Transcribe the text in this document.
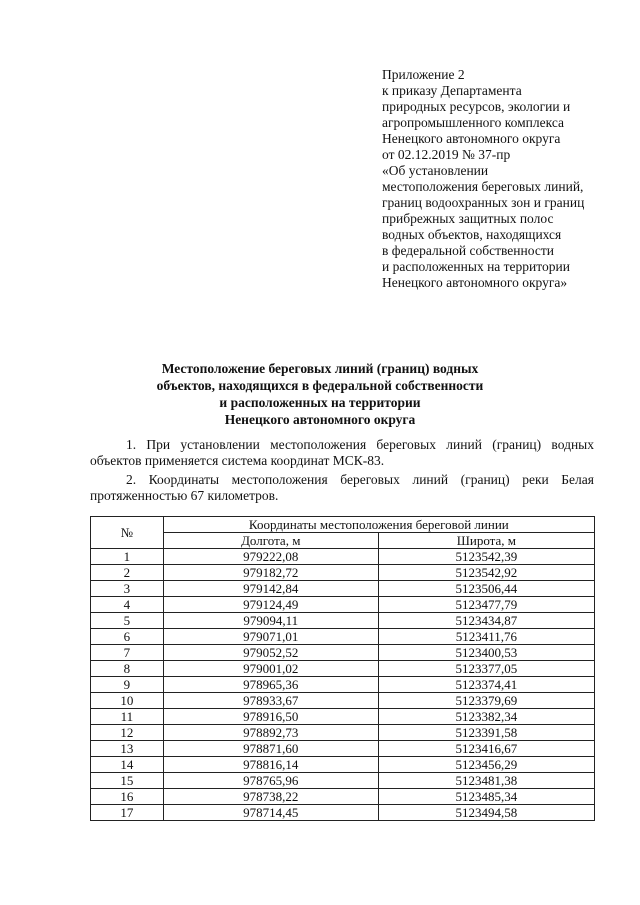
Приложение 2
к приказу Департамента
природных ресурсов, экологии и
агропромышленного комплекса
Ненецкого автономного округа
от 02.12.2019 № 37-пр
«Об установлении
местоположения береговых линий,
границ водоохранных зон и границ
прибрежных защитных полос
водных объектов, находящихся
в федеральной собственности
и расположенных на территории
Ненецкого автономного округа»
Местоположение береговых линий (границ) водных
объектов, находящихся в федеральной собственности
и расположенных на территории
Ненецкого автономного округа
1. При установлении местоположения береговых линий (границ) водных объектов применяется система координат МСК-83.
2. Координаты местоположения береговых линий (границ) реки Белая протяженностью 67 километров.
№	Координаты местоположения береговой линии	
	Долгота, м	Широта, м
1	979222,08	5123542,39
2	979182,72	5123542,92
3	979142,84	5123506,44
4	979124,49	5123477,79
5	979094,11	5123434,87
6	979071,01	5123411,76
7	979052,52	5123400,53
8	979001,02	5123377,05
9	978965,36	5123374,41
10	978933,67	5123379,69
11	978916,50	5123382,34
12	978892,73	5123391,58
13	978871,60	5123416,67
14	978816,14	5123456,29
15	978765,96	5123481,38
16	978738,22	5123485,34
17	978714,45	5123494,58
